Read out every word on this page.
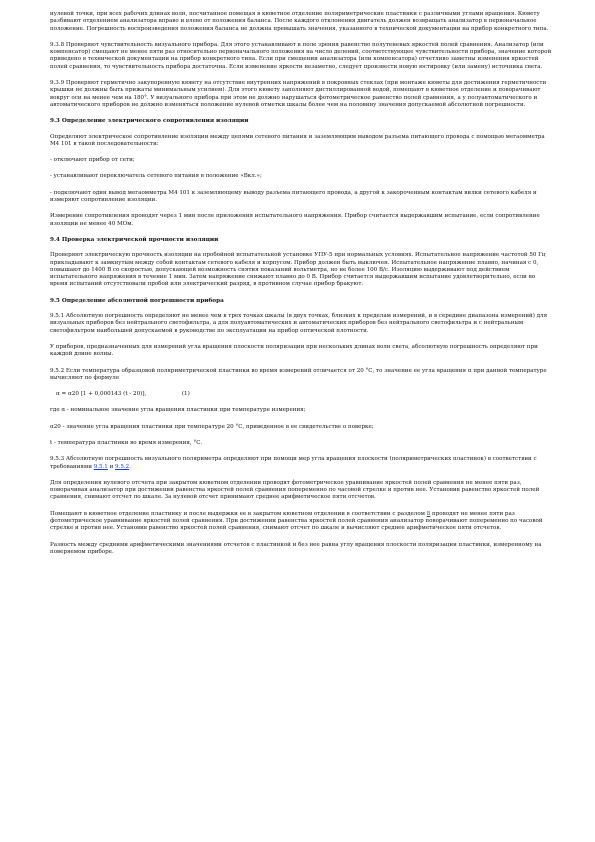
нулевой точки, при всех рабочих длинах волн, посчитанное помещая в кюветное отделение поляриметрические пластинки с различными углами вращения. Кювету разбивают отделением анализатора вправо и влево от положения баланса. После каждого отклонения двигатель должен возвращать анализатор в первоначальное положение. Погрешность воспроизведения положения баланса не должна превышать значения, указанного в технической документации на прибор конкретного типа.

9.3.8 Проверяют чувствительность визуального прибора. Для этого устанавливают в поле зрения равенство полутеневых яркостей полей сравнения. Анализатор (или компенсатор) смещают не менее пяти раз относительно первоначального положения на число делений, соответствующее чувствительности прибора, значение которой приведено в технической документации на прибор конкретного типа. Если при смещении анализатора (или компенсатора) отчетливо заметны изменения яркостей полей сравнения, то чувствительность прибора достаточна. Если изменение яркости незаметно, следует произвести новую юстировку (или замену) источника света.

9.3.9 Проверяют герметично закупоренную кювету на отсутствие внутренних напряжений в покровных стеклах (при монтаже кюветы для достижения герметичности крышки не должны быть прижаты минимальным усилием). Для этого кювету заполняют дистиллированной водой, помещают в кюветное отделение и поворачивают вокруг оси на менее чем на 180°. У визуального прибора при этом не должно нарушаться фотометрическое равенство полей сравнения, а у полуавтоматического и автоматического приборов не должно изменяться положение нулевой отметки шкалы более чем на половину значения допускаемой абсолютной погрешности.

9.3 Определение электрического сопротивления изоляции

Определяют электрическое сопротивление изоляции между цепями сетевого питания и заземляющим выводом разъема питающего провода с помощью мегаомметра М4 101 в такой последовательности:

- отключают прибор от сети;

- устанавливают переключатель сетевого питания в положение «Вкл.»;

- подключают один вывод мегаомметра М4 101 к заземляющему выводу разъема питающего провода, а другой к закороченным контактам вилки сетевого кабеля и измеряют сопротивление изоляции.

Измерение сопротивления проводят через 1 мин после приложения испытательного напряжения. Прибор считается выдержавшим испытание, если сопротивление изоляции не менее 40 МОм.

9.4 Проверка электрической прочности изоляции

Проверяют электрическую прочность изоляции на пробойной испытательной установке УПУ-5 при нормальных условиях. Испытательное напряжение частотой 50 Гц прикладывают к замкнутым между собой контактам сетевого кабеля и корпусом. Прибор должен быть выключен. Испытательное напряжение плавно, начиная с 0, повышают до 1400 В со скоростью, допускающей возможность снятия показаний вольтметра, но не более 100 В/с. Изоляцию выдерживают под действием испытательного напряжения в течение 1 мин. Затем напряжение снижают плавно до 0 В. Прибор считается выдержавшим испытание удовлетворительно, если во время испытаний отсутствовали пробой или электрический разряд, в противном случае прибор бракуют.

9.5 Определение абсолютной погрешности прибора

9.5.1 Абсолютную погрешность определяют не менее чем в трех точках шкалы (в двух точках, близких к пределам измерений, и в середине диапазона измерений) для визуальных приборов без нейтрального светофильтра, а для полуавтоматических и автоматических приборов без нейтрального светофильтра и с нейтральным светофильтром наибольшей допускаемой в руководстве по эксплуатации на прибор оптической плотности.

У приборов, предназначенных для измерений угла вращения плоскости поляризации при нескольких длинах волн света, абсолютную погрешность определяют при каждой длине волны.

9.5.2 Если температура образцовой поляриметрической пластинки во время измерений отличается от 20 °С, то значение ее угла вращения α при данной температуре вычисляют по формуле

α = α20 [1 + 0,000143 (t - 20)],                    (1)

где α - номинальное значение угла вращения пластинки при температуре измерения;

α20 - значение угла вращения пластинки при температуре 20 °С, приведенное в ее свидетельстве о поверке;

t - температура пластинки во время измерения, °С.

9.5.3 Абсолютную погрешность визуального поляриметра определяют при помощи мер угла вращения плоскости (поляриметрических пластинок) в соответствии с требованиями 9.5.1 и 9.5.2.

Для определения нулевого отсчета при закрытом кюветном отделении проводят фотометрическое уравнивание яркостей полей сравнения не менее пяти раз, поворачивая анализатор при достижении равенства яркостей полей сравнения попеременно по часовой стрелке и против нее. Установив равенство яркостей полей сравнения, снимают отсчет по шкале. За нулевой отсчет принимают среднее арифметическое пяти отсчетов.

Помещают в кюветное отделение пластинку и после выдержки ее в закрытом кюветном отделении в соответствии с разделом 8 проводят не менее пяти раз фотометрическое уравнивание яркостей полей сравнения. При достижении равенства яркостей полей сравнения анализатор поворачивают попеременно по часовой стрелке и против нее. Установив равенство яркостей полей сравнения, снимают отсчет по шкале и вычисляют среднее арифметическое пяти отсчетов.

Разность между средними арифметическими значениями отсчетов с пластинкой и без нее равна углу вращения плоскости поляризации пластинки, измеренному на поверяемом приборе.
